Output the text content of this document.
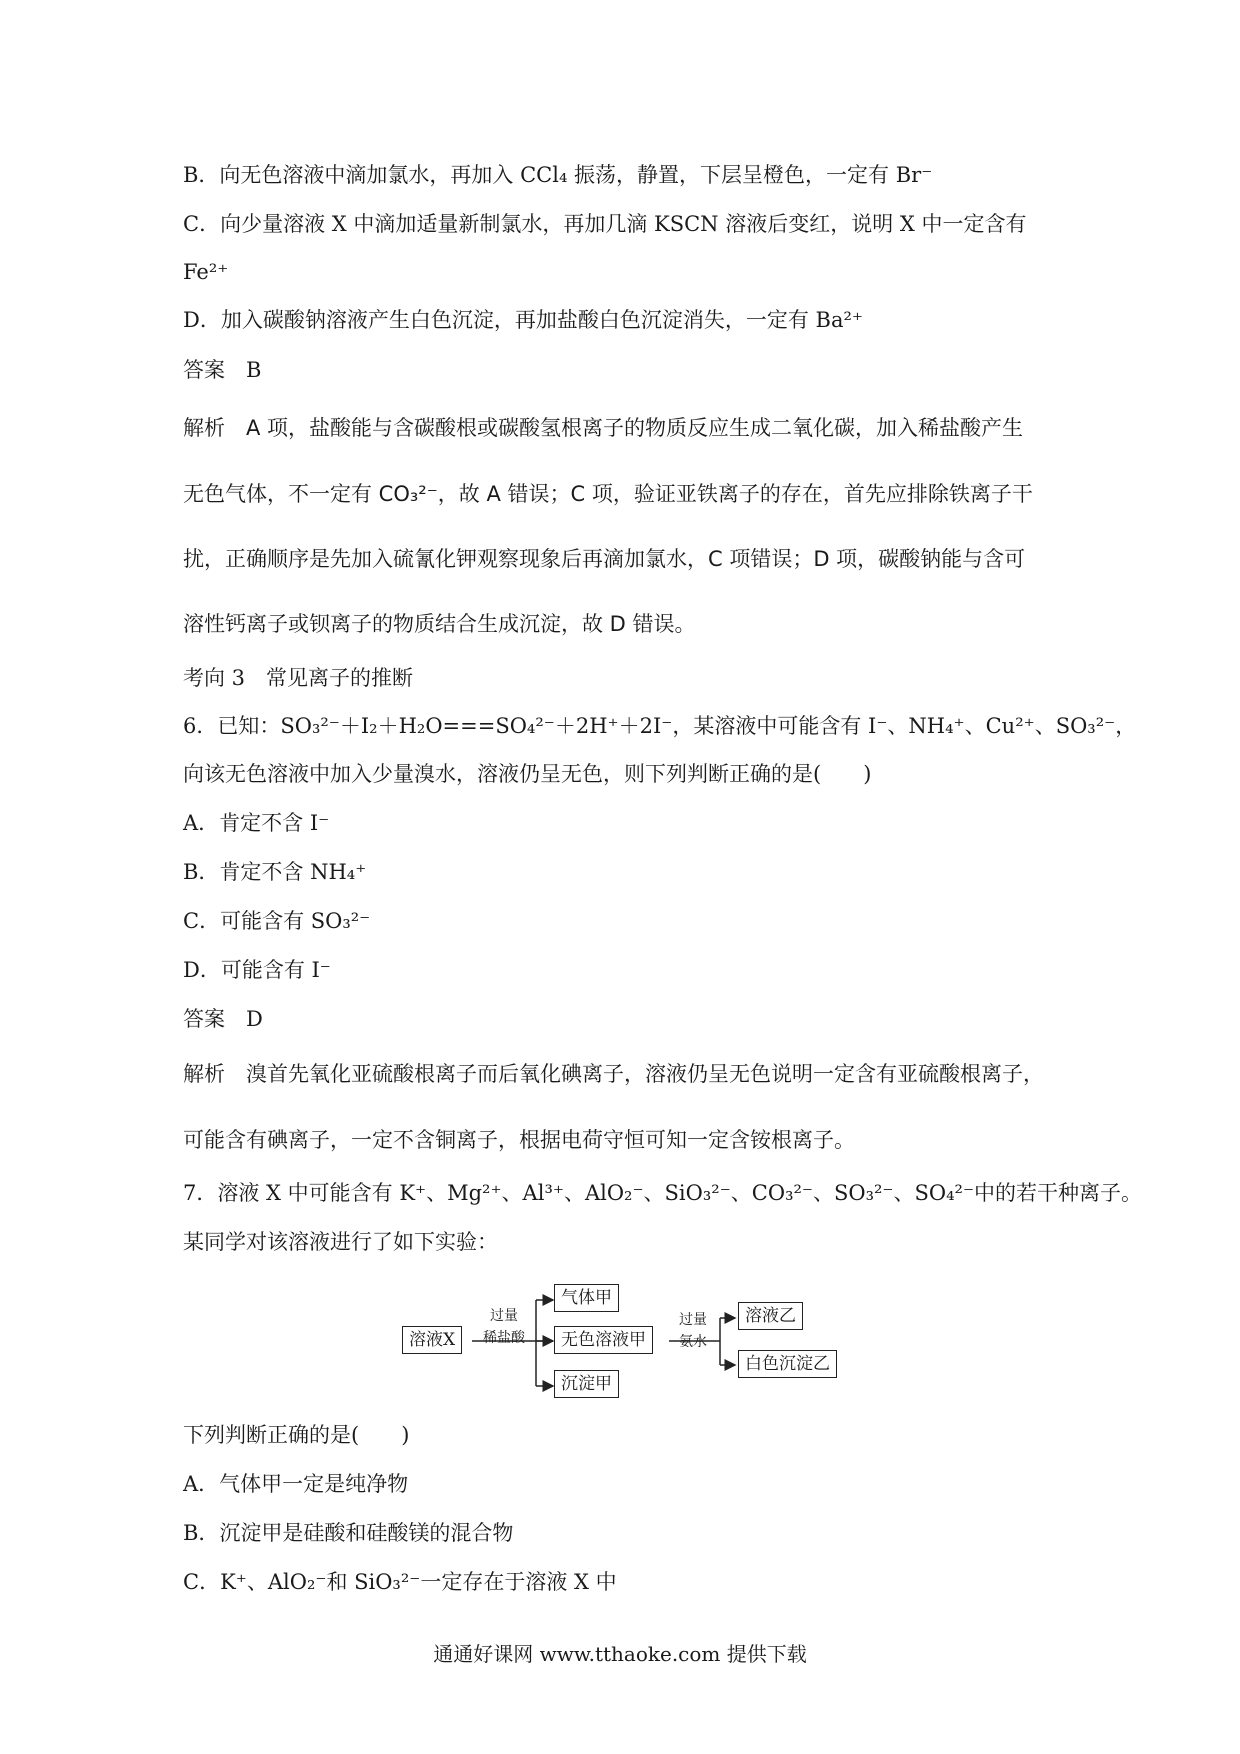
B．向无色溶液中滴加氯水，再加入 CCl₄ 振荡，静置，下层呈橙色，一定有 Br⁻
C．向少量溶液 X 中滴加适量新制氯水，再加几滴 KSCN 溶液后变红，说明 X 中一定含有
Fe²⁺
D．加入碳酸钠溶液产生白色沉淀，再加盐酸白色沉淀消失，一定有 Ba²⁺
答案　B
解析　A 项，盐酸能与含碳酸根或碳酸氢根离子的物质反应生成二氧化碳，加入稀盐酸产生
无色气体，不一定有 CO₃²⁻，故 A 错误；C 项，验证亚铁离子的存在，首先应排除铁离子干
扰，正确顺序是先加入硫氰化钾观察现象后再滴加氯水，C 项错误；D 项，碳酸钠能与含可
溶性钙离子或钡离子的物质结合生成沉淀，故 D 错误。
考向 3　常见离子的推断
6．已知：SO₃²⁻＋I₂＋H₂O===SO₄²⁻＋2H⁺＋2I⁻，某溶液中可能含有 I⁻、NH₄⁺、Cu²⁺、SO₃²⁻，
向该无色溶液中加入少量溴水，溶液仍呈无色，则下列判断正确的是(　　)
A．肯定不含 I⁻
B．肯定不含 NH₄⁺
C．可能含有 SO₃²⁻
D．可能含有 I⁻
答案　D
解析　溴首先氧化亚硫酸根离子而后氧化碘离子，溶液仍呈无色说明一定含有亚硫酸根离子，
可能含有碘离子，一定不含铜离子，根据电荷守恒可知一定含铵根离子。
7．溶液 X 中可能含有 K⁺、Mg²⁺、Al³⁺、AlO₂⁻、SiO₃²⁻、CO₃²⁻、SO₃²⁻、SO₄²⁻中的若干种离子。
某同学对该溶液进行了如下实验：
溶液X
过量
稀盐酸
气体甲
无色溶液甲
沉淀甲
过量
氨水
溶液乙
白色沉淀乙
下列判断正确的是(　　)
A．气体甲一定是纯净物
B．沉淀甲是硅酸和硅酸镁的混合物
C．K⁺、AlO₂⁻和 SiO₃²⁻一定存在于溶液 X 中
通通好课网 www.tthaoke.com 提供下载
